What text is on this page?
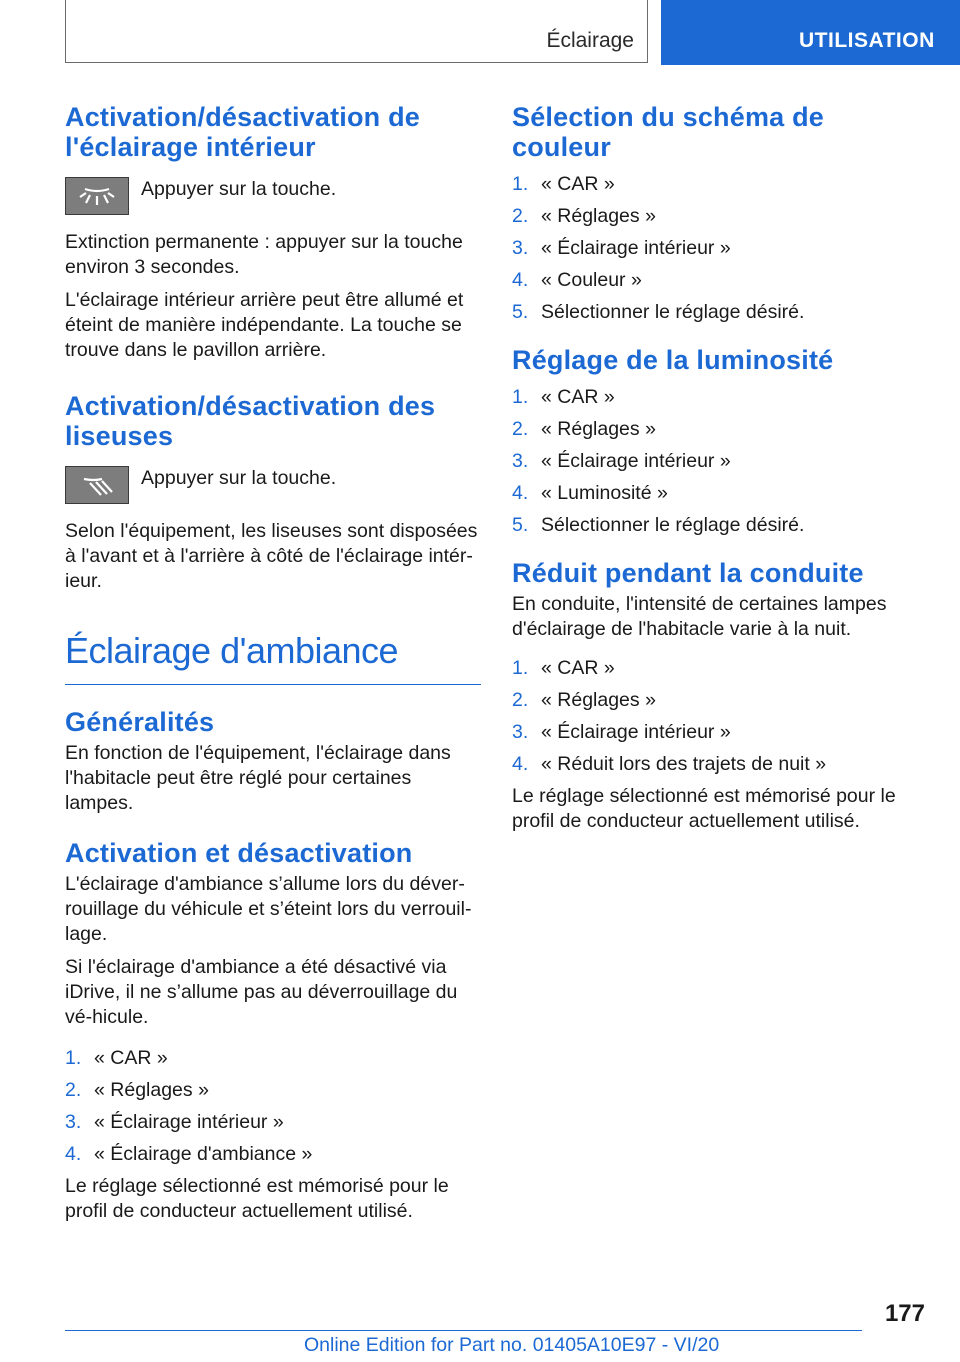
Éclairage	UTILISATION
Activation/désactivation de l'éclairage intérieur

Appuyer sur la touche.

Extinction permanente : appuyer sur la touche environ 3 secondes.

L'éclairage intérieur arrière peut être allumé et éteint de manière indépendante. La touche se trouve dans le pavillon arrière.

Activation/désactivation des liseuses

Appuyer sur la touche.

Selon l'équipement, les liseuses sont disposées à l'avant et à l'arrière à côté de l'éclairage intér-ieur.

Éclairage d'ambiance
Généralités

En fonction de l'équipement, l'éclairage dans l'habitacle peut être réglé pour certaines lampes.

Activation et désactivation

L'éclairage d'ambiance s’allume lors du déver-rouillage du véhicule et s’éteint lors du verrouil-lage.

Si l'éclairage d'ambiance a été désactivé via iDrive, il ne s’allume pas au déverrouillage du vé-hicule.

1. « CAR »
2. « Réglages »
3. « Éclairage intérieur »
4. « Éclairage d'ambiance »

Le réglage sélectionné est mémorisé pour le profil de conducteur actuellement utilisé.

Sélection du schéma de couleur
1. « CAR »
2. « Réglages »
3. « Éclairage intérieur »
4. « Couleur »
5. Sélectionner le réglage désiré.
Réglage de la luminosité
1. « CAR »
2. « Réglages »
3. « Éclairage intérieur »
4. « Luminosité »
5. Sélectionner le réglage désiré.
Réduit pendant la conduite

En conduite, l'intensité de certaines lampes d'éclairage de l'habitacle varie à la nuit.

1. « CAR »
2. « Réglages »
3. « Éclairage intérieur »
4. « Réduit lors des trajets de nuit »

Le réglage sélectionné est mémorisé pour le profil de conducteur actuellement utilisé.

177
Online Edition for Part no. 01405A10E97 - VI/20
